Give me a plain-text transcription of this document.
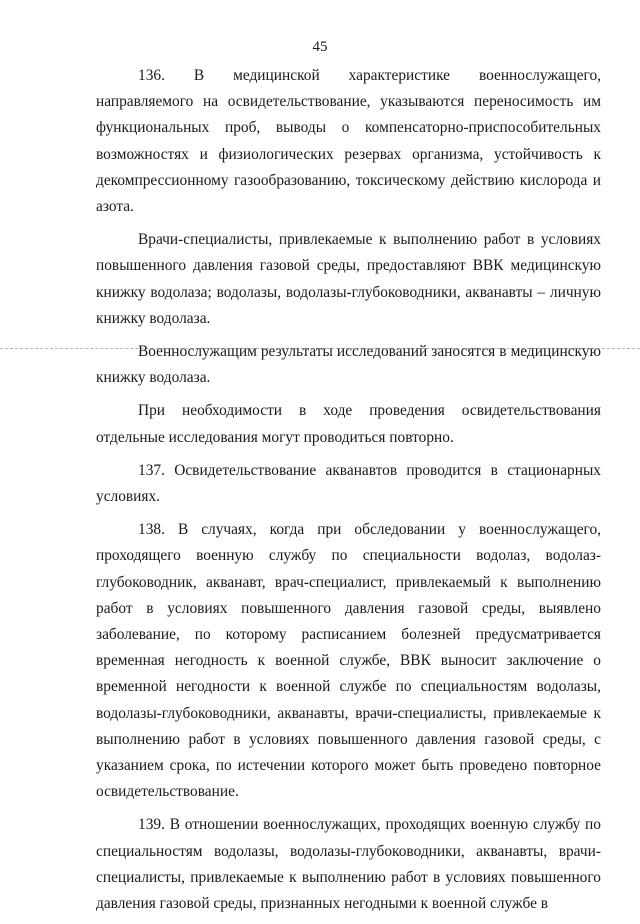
45

136. В медицинской характеристике военнослужащего, направляемого на освидетельствование, указываются переносимость им функциональных проб, выводы о компенсаторно-приспособительных возможностях и физиологических резервах организма, устойчивость к декомпрессионному газообразованию, токсическому действию кислорода и азота.

Врачи-специалисты, привлекаемые к выполнению работ в условиях повышенного давления газовой среды, предоставляют ВВК медицинскую книжку водолаза; водолазы, водолазы-глубоководники, акванавты – личную книжку водолаза.

Военнослужащим результаты исследований заносятся в медицинскую книжку водолаза.

При необходимости в ходе проведения освидетельствования отдельные исследования могут проводиться повторно.

137. Освидетельствование акванавтов проводится в стационарных условиях.

138. В случаях, когда при обследовании у военнослужащего, проходящего военную службу по специальности водолаз, водолаз-глубоководник, акванавт, врач-специалист, привлекаемый к выполнению работ в условиях повышенного давления газовой среды, выявлено заболевание, по которому расписанием болезней предусматривается временная негодность к военной службе, ВВК выносит заключение о временной негодности к военной службе по специальностям водолазы, водолазы-глубоководники, акванавты, врачи-специалисты, привлекаемые к выполнению работ в условиях повышенного давления газовой среды, с указанием срока, по истечении которого может быть проведено повторное освидетельствование.

139. В отношении военнослужащих, проходящих военную службу по специальностям водолазы, водолазы-глубоководники, акванавты, врачи-специалисты, привлекаемые к выполнению работ в условиях повышенного давления газовой среды, признанных негодными к военной службе в
